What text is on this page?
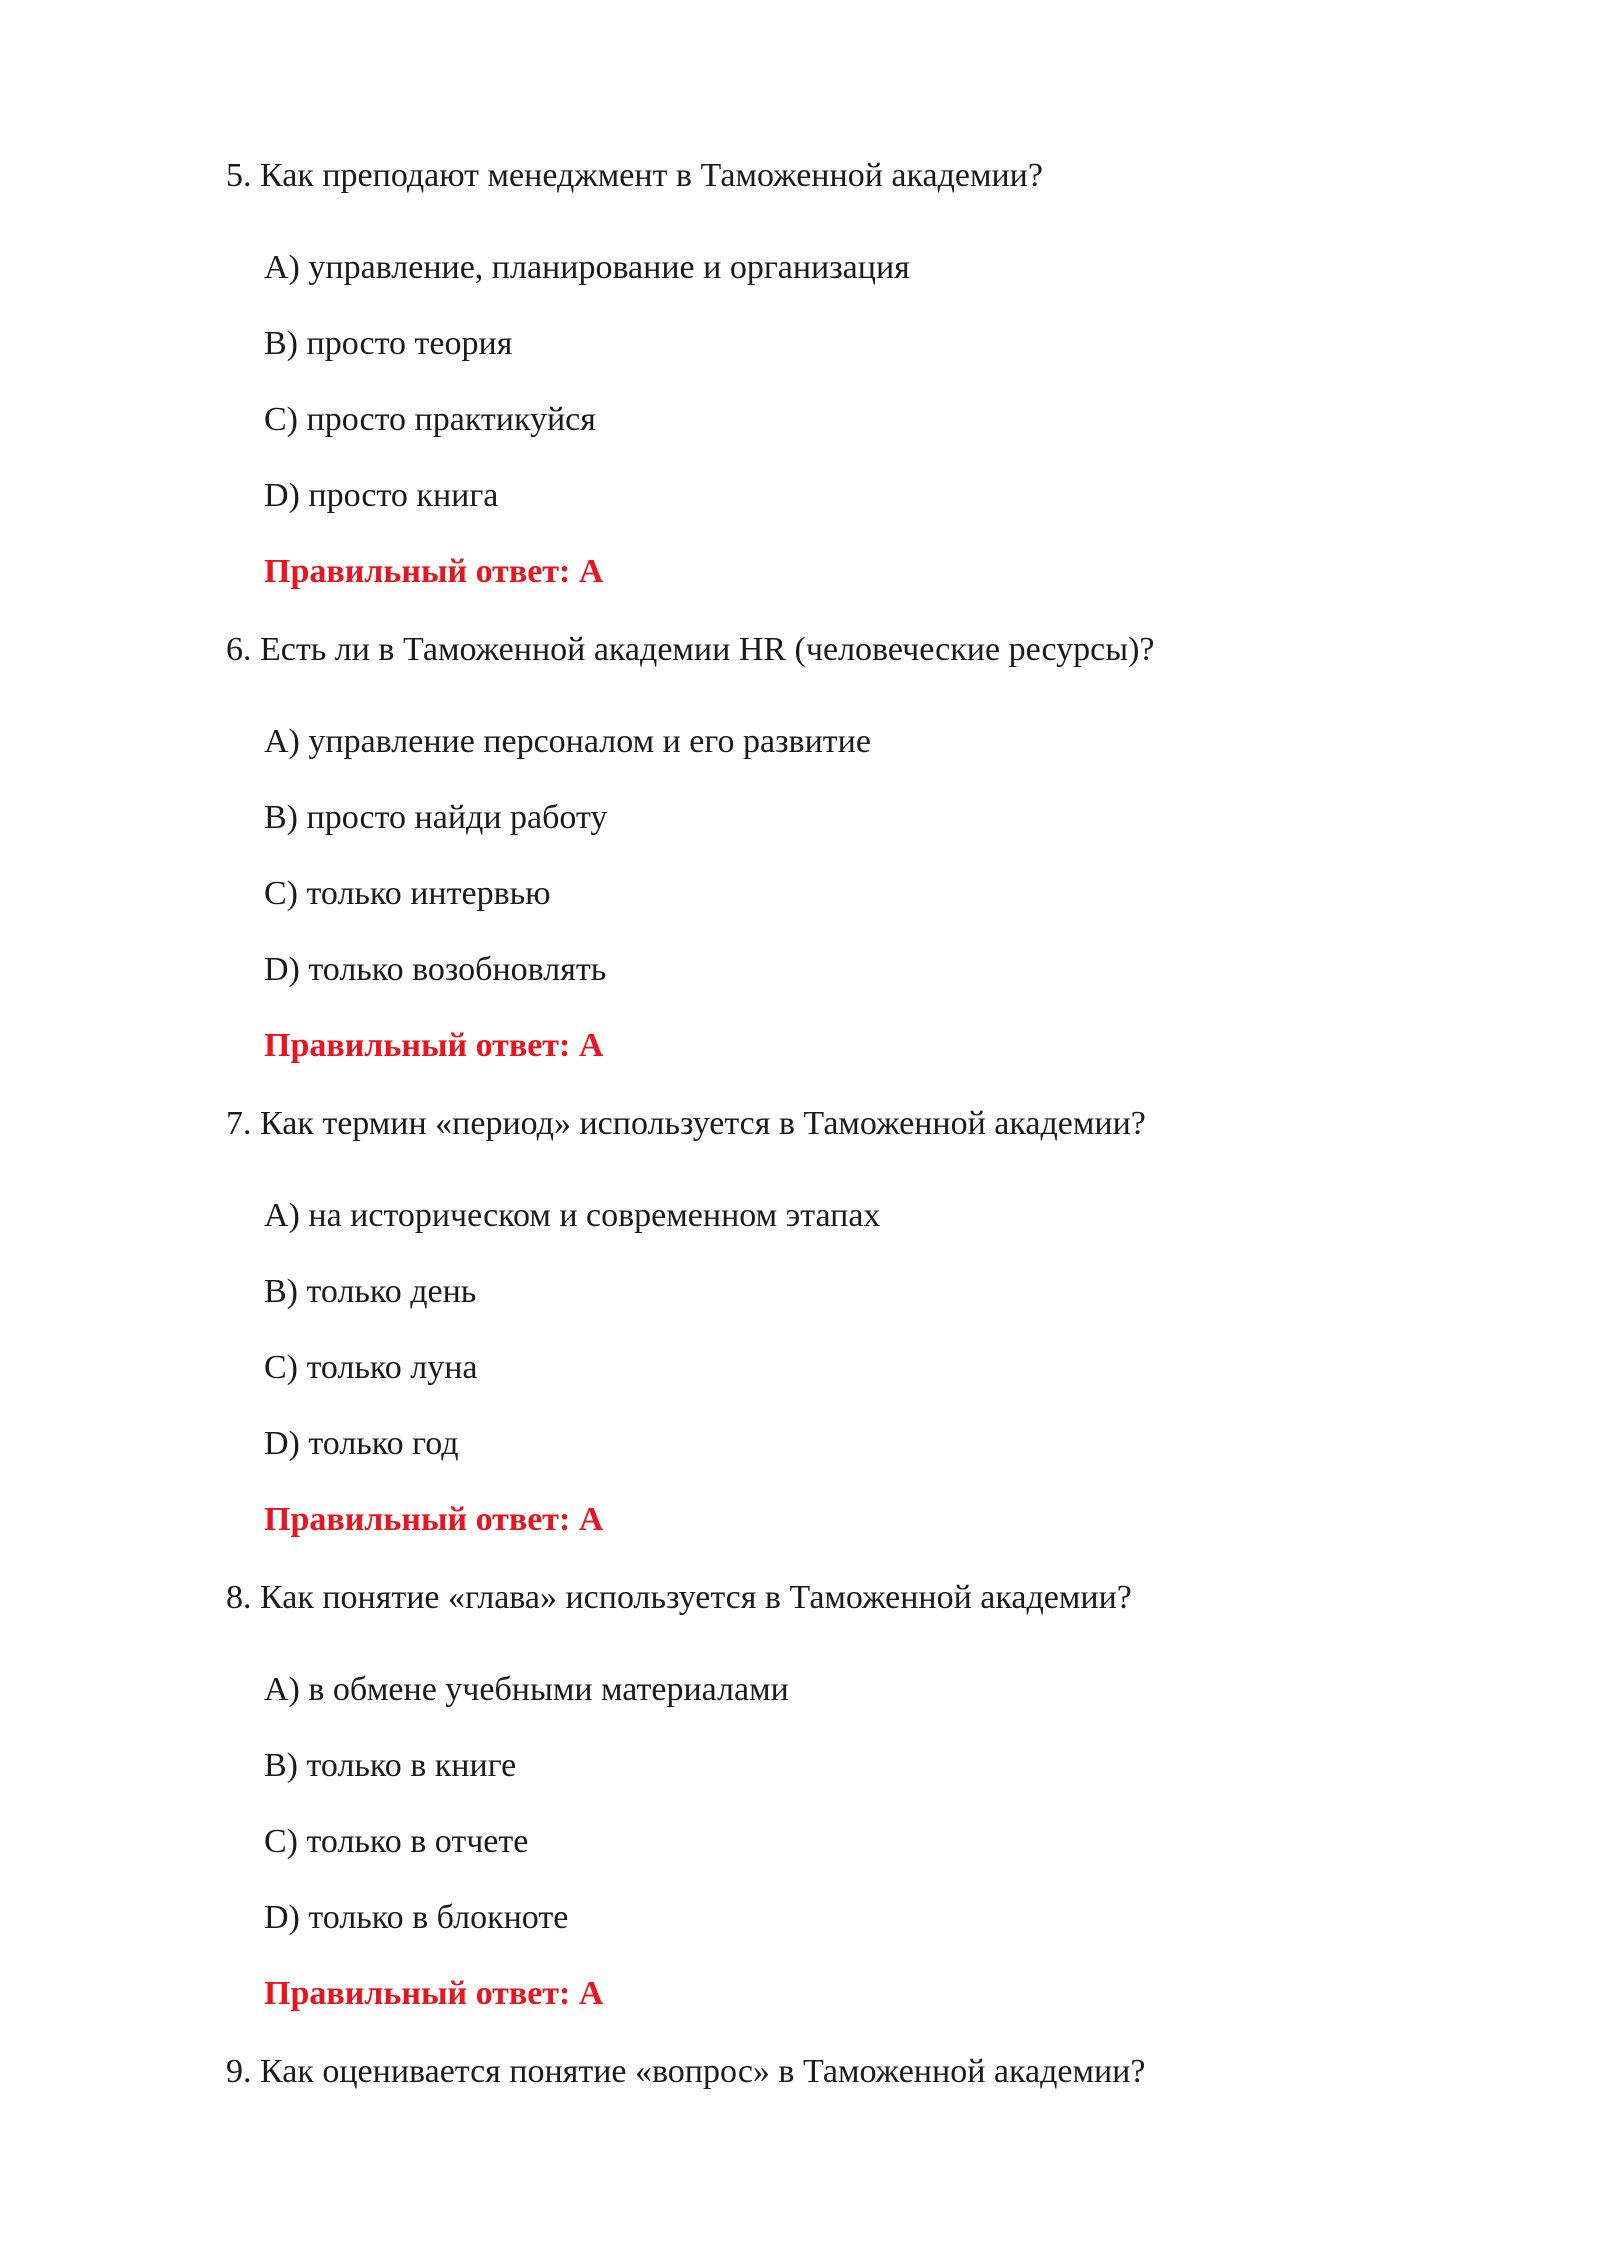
5. Как преподают менеджмент в Таможенной академии?

A) управление, планирование и организация
B) просто теория
C) просто практикуйся
D) просто книга

Правильный ответ: A

6. Есть ли в Таможенной академии HR (человеческие ресурсы)?

A) управление персоналом и его развитие
B) просто найди работу
C) только интервью
D) только возобновлять

Правильный ответ: A

7. Как термин «период» используется в Таможенной академии?

A) на историческом и современном этапах
B) только день
C) только луна
D) только год

Правильный ответ: A

8. Как понятие «глава» используется в Таможенной академии?

A) в обмене учебными материалами
B) только в книге
C) только в отчете
D) только в блокноте

Правильный ответ: A

9. Как оценивается понятие «вопрос» в Таможенной академии?
